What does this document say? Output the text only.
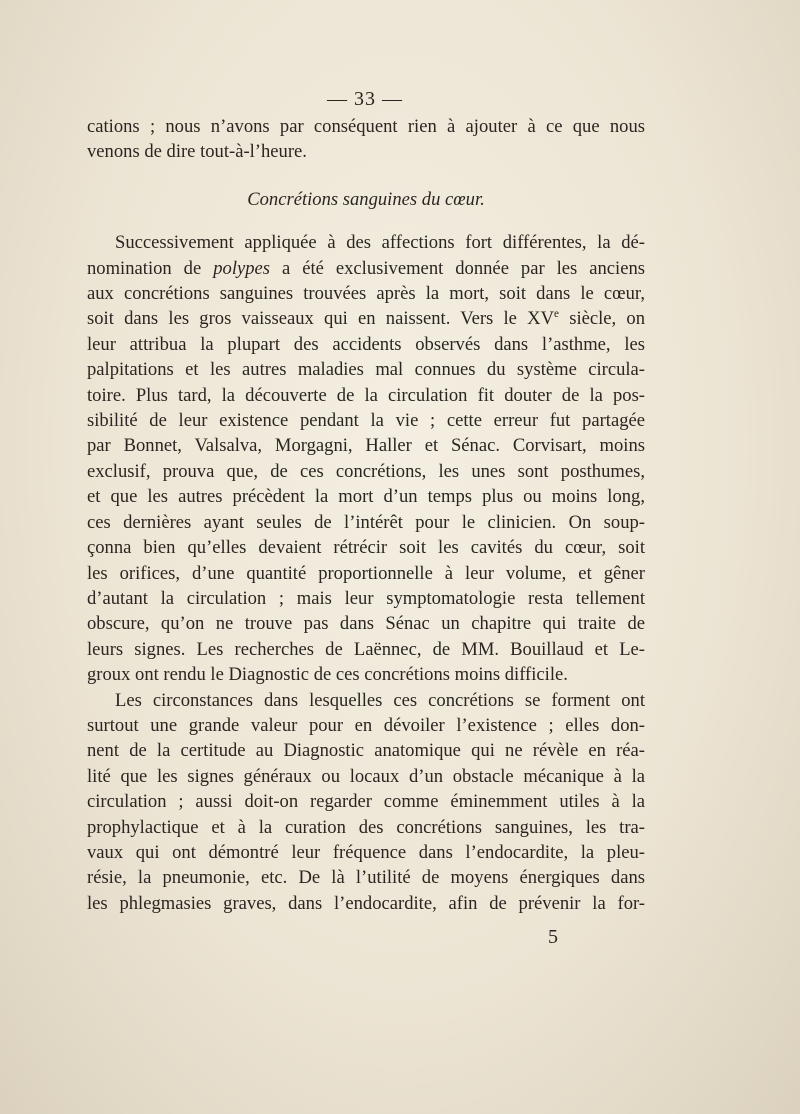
— 33 —
cations ; nous n’avons par conséquent rien à ajouter à ce que nous
venons de dire tout-à-l’heure.
Concrétions sanguines du cœur.
Successivement appliquée à des affections fort différentes, la dé-
nomination de polypes a été exclusivement donnée par les anciens
aux concrétions sanguines trouvées après la mort, soit dans le cœur,
soit dans les gros vaisseaux qui en naissent. Vers le XVe siècle, on
leur attribua la plupart des accidents observés dans l’asthme, les
palpitations et les autres maladies mal connues du système circula-
toire. Plus tard, la découverte de la circulation fit douter de la pos-
sibilité de leur existence pendant la vie ; cette erreur fut partagée
par Bonnet, Valsalva, Morgagni, Haller et Sénac. Corvisart, moins
exclusif, prouva que, de ces concrétions, les unes sont posthumes,
et que les autres précèdent la mort d’un temps plus ou moins long,
ces dernières ayant seules de l’intérêt pour le clinicien. On soup-
çonna bien qu’elles devaient rétrécir soit les cavités du cœur, soit
les orifices, d’une quantité proportionnelle à leur volume, et gêner
d’autant la circulation ; mais leur symptomatologie resta tellement
obscure, qu’on ne trouve pas dans Sénac un chapitre qui traite de
leurs signes. Les recherches de Laënnec, de MM. Bouillaud et Le-
groux ont rendu le Diagnostic de ces concrétions moins difficile.
Les circonstances dans lesquelles ces concrétions se forment ont
surtout une grande valeur pour en dévoiler l’existence ; elles don-
nent de la certitude au Diagnostic anatomique qui ne révèle en réa-
lité que les signes généraux ou locaux d’un obstacle mécanique à la
circulation ; aussi doit-on regarder comme éminemment utiles à la
prophylactique et à la curation des concrétions sanguines, les tra-
vaux qui ont démontré leur fréquence dans l’endocardite, la pleu-
résie, la pneumonie, etc. De là l’utilité de moyens énergiques dans
les phlegmasies graves, dans l’endocardite, afin de prévenir la for-
5
